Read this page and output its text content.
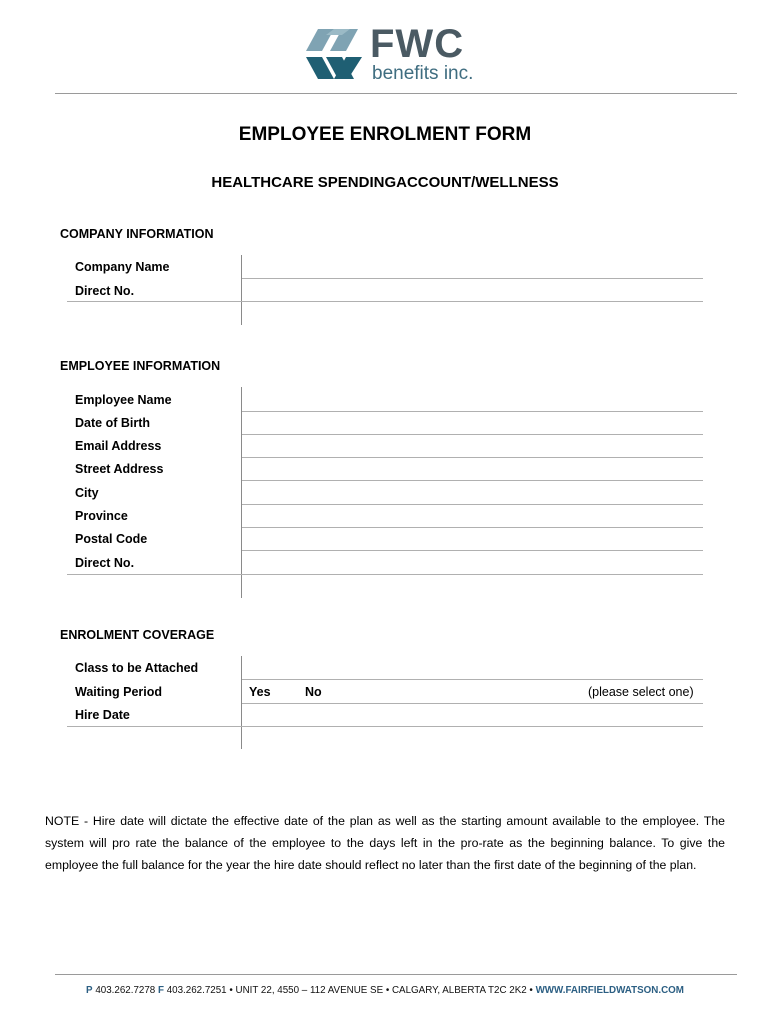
FWC
benefits inc.
EMPLOYEE ENROLMENT FORM
HEALTHCARE SPENDINGACCOUNT/WELLNESS
COMPANY INFORMATION
Company Name
Direct No.
EMPLOYEE INFORMATION
Employee Name
Date of Birth
Email Address
Street Address
City
Province
Postal Code
Direct No.
ENROLMENT COVERAGE
Class to be Attached
Waiting Period	Yes	No	(please select one)
Hire Date
NOTE - Hire date will dictate the effective date of the plan as well as the starting amount available to the employee. The system will pro rate the balance of the employee to the days left in the pro-rate as the beginning balance. To give the employee the full balance for the year the hire date should reflect no later than the first date of the beginning of the plan.
P 403.262.7278 F 403.262.7251 • UNIT 22, 4550 – 112 AVENUE SE • CALGARY, ALBERTA T2C 2K2 • WWW.FAIRFIELDWATSON.COM
